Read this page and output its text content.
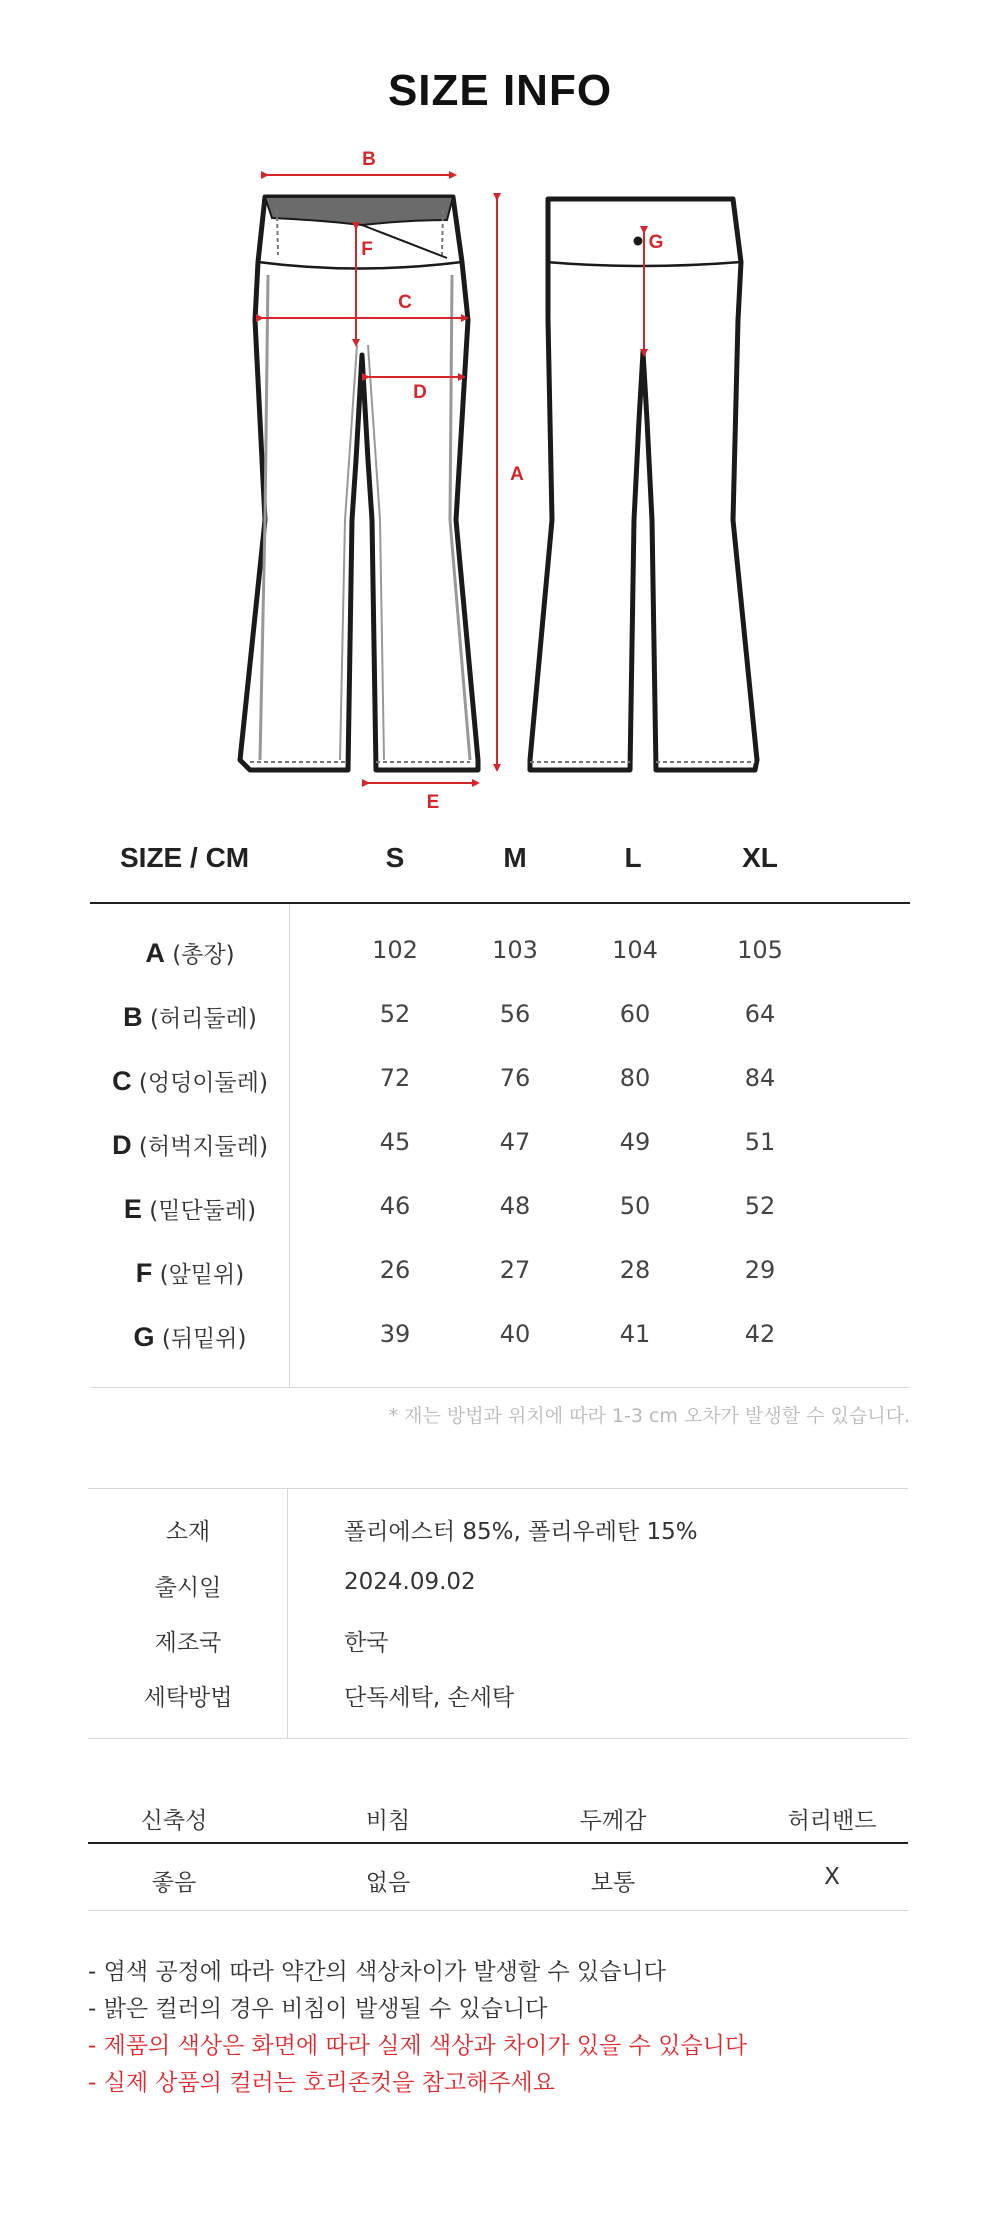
SIZE INFO
B
A
F
C
D
E
G
SIZE / CM	S	M	L	XL
A (총장)	102	103	104	105
B (허리둘레)	52	56	60	64
C (엉덩이둘레)	72	76	80	84
D (허벅지둘레)	45	47	49	51
E (밑단둘레)	46	48	50	52
F (앞밑위)	26	27	28	29
G (뒤밑위)	39	40	41	42
* 재는 방법과 위치에 따라 1-3 cm 오차가 발생할 수 있습니다.
소재	폴리에스터 85%, 폴리우레탄 15%
출시일	2024.09.02
제조국	한국
세탁방법	단독세탁, 손세탁
신축성	비침	두께감	허리밴드
좋음	없음	보통	X
- 염색 공정에 따라 약간의 색상차이가 발생할 수 있습니다
- 밝은 컬러의 경우 비침이 발생될 수 있습니다
- 제품의 색상은 화면에 따라 실제 색상과 차이가 있을 수 있습니다
- 실제 상품의 컬러는 호리존컷을 참고해주세요
